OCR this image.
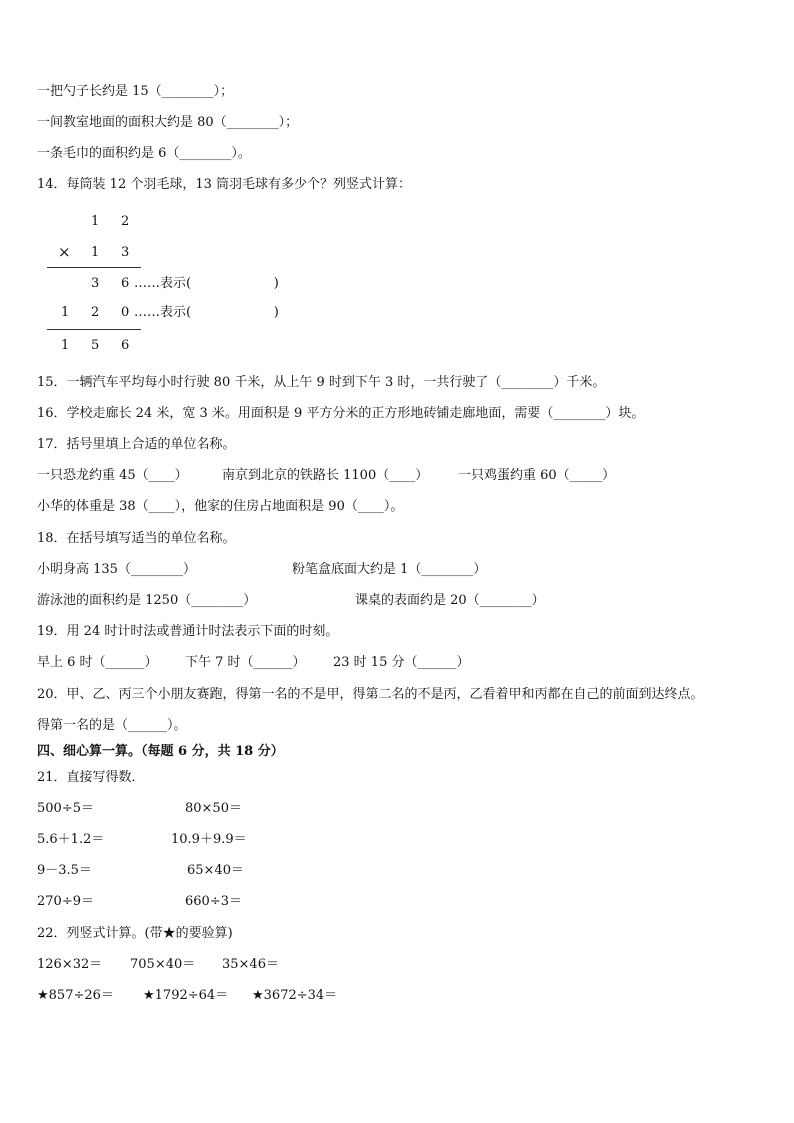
一把勺子长约是 15（________）；
一间教室地面的面积大约是 80（________）；
一条毛巾的面积约是 6（________）。
14．每筒装 12 个羽毛球，13 筒羽毛球有多少个？列竖式计算：
1 2
× 1 3
3 6 ……表示(                    )
1 2 0 ……表示(                    )
1 5 6
15．一辆汽车平均每小时行驶 80 千米，从上午 9 时到下午 3 时，一共行驶了（________）千米。
16．学校走廊长 24 米，宽 3 米。用面积是 9 平方分米的正方形地砖铺走廊地面，需要（________）块。
17．括号里填上合适的单位名称。
一只恐龙约重 45（____）	南京到北京的铁路长 1100（____） 一只鸡蛋约重 60（_____）
小华的体重是 38（____），他家的住房占地面积是 90（____）。
18．在括号填写适当的单位名称。
小明身高 135（________）	粉笔盒底面大约是 1（________）
游泳池的面积约是 1250（________）	课桌的表面约是 20（________）
19．用 24 时计时法或普通计时法表示下面的时刻。
早上 6 时（______） 下午 7 时（______） 23 时 15 分（______）
20．甲、乙、丙三个小朋友赛跑，得第一名的不是甲，得第二名的不是丙，乙看着甲和丙都在自己的前面到达终点。
得第一名的是（______）。
四、细心算一算。（每题 6 分，共 18 分）
21．直接写得数．
500÷5＝	80×50＝
5.6＋1.2＝	10.9＋9.9＝
9－3.5＝	65×40＝
270÷9＝	660÷3＝
22．列竖式计算。(带★的要验算)
126×32＝ 705×40＝ 35×46＝
★857÷26＝ ★1792÷64＝ ★3672÷34＝
